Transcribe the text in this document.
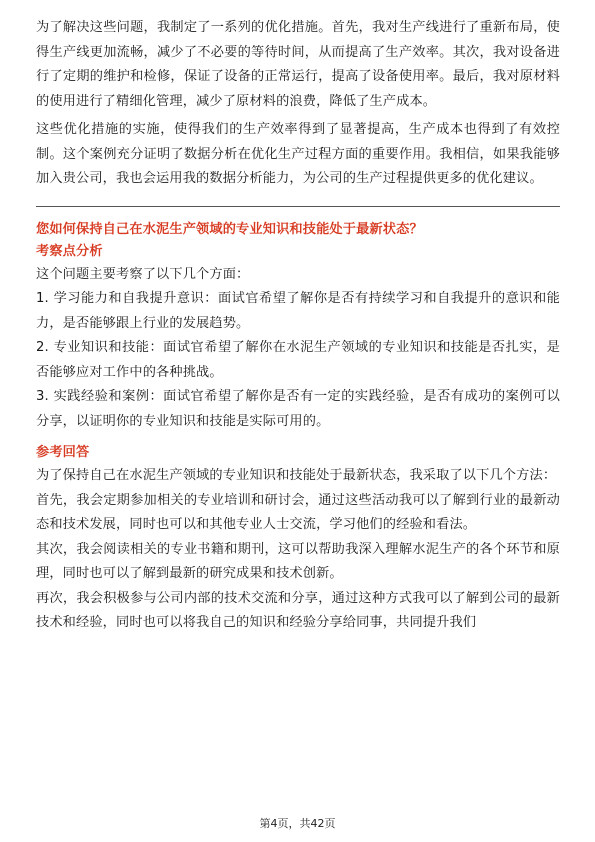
为了解决这些问题，我制定了一系列的优化措施。首先，我对生产线进行了重新布局，使得生产线更加流畅，减少了不必要的等待时间，从而提高了生产效率。其次，我对设备进行了定期的维护和检修，保证了设备的正常运行，提高了设备使用率。最后，我对原材料的使用进行了精细化管理，减少了原材料的浪费，降低了生产成本。

这些优化措施的实施，使得我们的生产效率得到了显著提高，生产成本也得到了有效控制。这个案例充分证明了数据分析在优化生产过程方面的重要作用。我相信，如果我能够加入贵公司，我也会运用我的数据分析能力，为公司的生产过程提供更多的优化建议。

您如何保持自己在水泥生产领域的专业知识和技能处于最新状态？

考察点分析

这个问题主要考察了以下几个方面：

1. 学习能力和自我提升意识：面试官希望了解你是否有持续学习和自我提升的意识和能力，是否能够跟上行业的发展趋势。

2. 专业知识和技能：面试官希望了解你在水泥生产领域的专业知识和技能是否扎实，是否能够应对工作中的各种挑战。

3. 实践经验和案例：面试官希望了解你是否有一定的实践经验，是否有成功的案例可以分享，以证明你的专业知识和技能是实际可用的。

参考回答

为了保持自己在水泥生产领域的专业知识和技能处于最新状态，我采取了以下几个方法：

首先，我会定期参加相关的专业培训和研讨会，通过这些活动我可以了解到行业的最新动态和技术发展，同时也可以和其他专业人士交流，学习他们的经验和看法。

其次，我会阅读相关的专业书籍和期刊，这可以帮助我深入理解水泥生产的各个环节和原理，同时也可以了解到最新的研究成果和技术创新。

再次，我会积极参与公司内部的技术交流和分享，通过这种方式我可以了解到公司的最新技术和经验，同时也可以将我自己的知识和经验分享给同事，共同提升我们

第4页，共42页
